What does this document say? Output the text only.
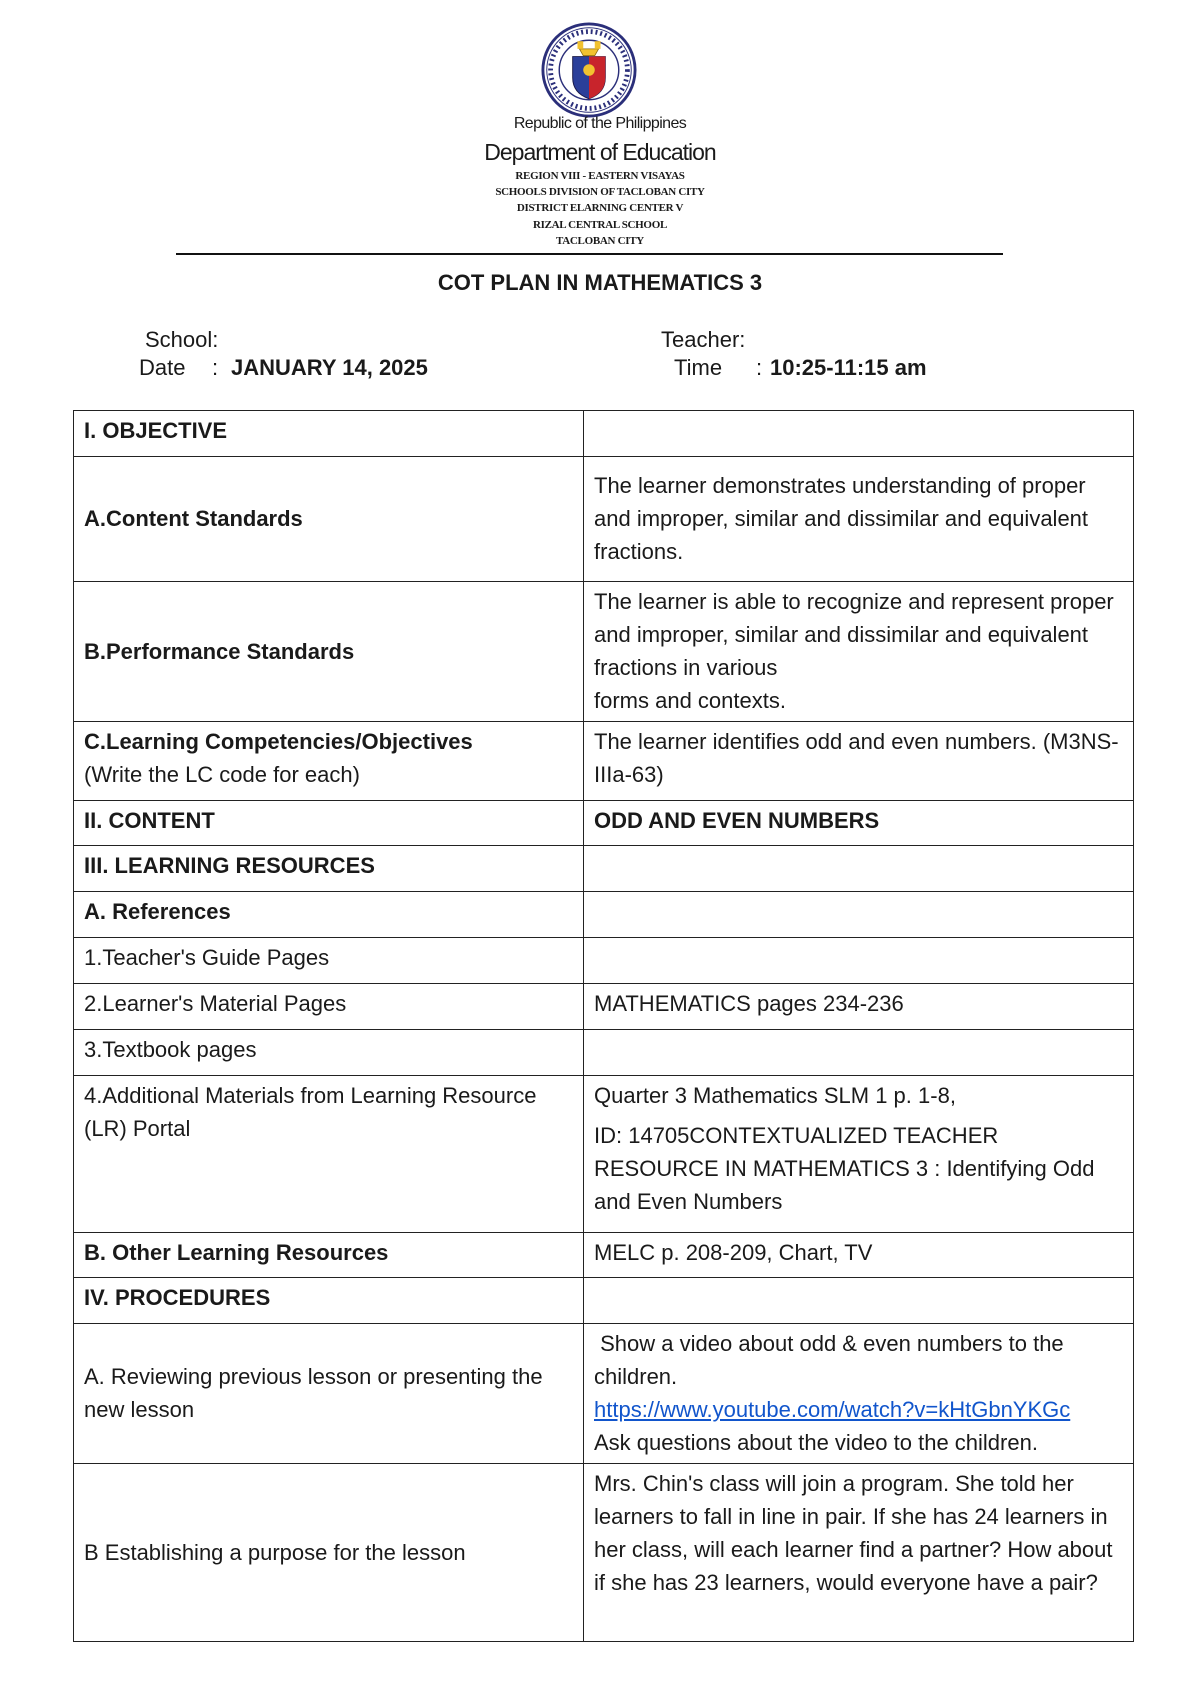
Republic of the Philippines
Department of Education
REGION VIII - EASTERN VISAYAS
SCHOOLS DIVISION OF TACLOBAN CITY
DISTRICT ELARNING CENTER V
RIZAL CENTRAL SCHOOL
TACLOBAN CITY
COT PLAN IN MATHEMATICS 3
School:	Teacher:
Date : JANUARY 14, 2025	Time : 10:25-11:15 am
I. OBJECTIVE	
A.Content Standards	The learner demonstrates understanding of proper and improper, similar and dissimilar and equivalent fractions.
B.Performance Standards	The learner is able to recognize and represent proper and improper, similar and dissimilar and equivalent fractions in various

forms and contexts.

C.Learning Competencies/Objectives

(Write the LC code for each)	The learner identifies odd and even numbers. (M3NS-IIIa-63)
II. CONTENT	ODD AND EVEN NUMBERS
III. LEARNING RESOURCES	
A. References	
1.Teacher's Guide Pages	
2.Learner's Material Pages	MATHEMATICS pages 234-236
3.Textbook pages	
4.Additional Materials from Learning Resource (LR) Portal	Quarter 3 Mathematics SLM 1 p. 1-8,

ID: 14705CONTEXTUALIZED TEACHER RESOURCE IN MATHEMATICS 3 : Identifying Odd and Even Numbers

B. Other Learning Resources	MELC p. 208-209, Chart, TV
IV. PROCEDURES	
A. Reviewing previous lesson or presenting the new lesson	Show a video about odd & even numbers to the children.

https://www.youtube.com/watch?v=kHtGbnYKGc

Ask questions about the video to the children.

B Establishing a purpose for the lesson	Mrs. Chin's class will join a program. She told her learners to fall in line in pair. If she has 24 learners in her class, will each learner find a partner? How about if she has 23 learners, would everyone have a pair?
